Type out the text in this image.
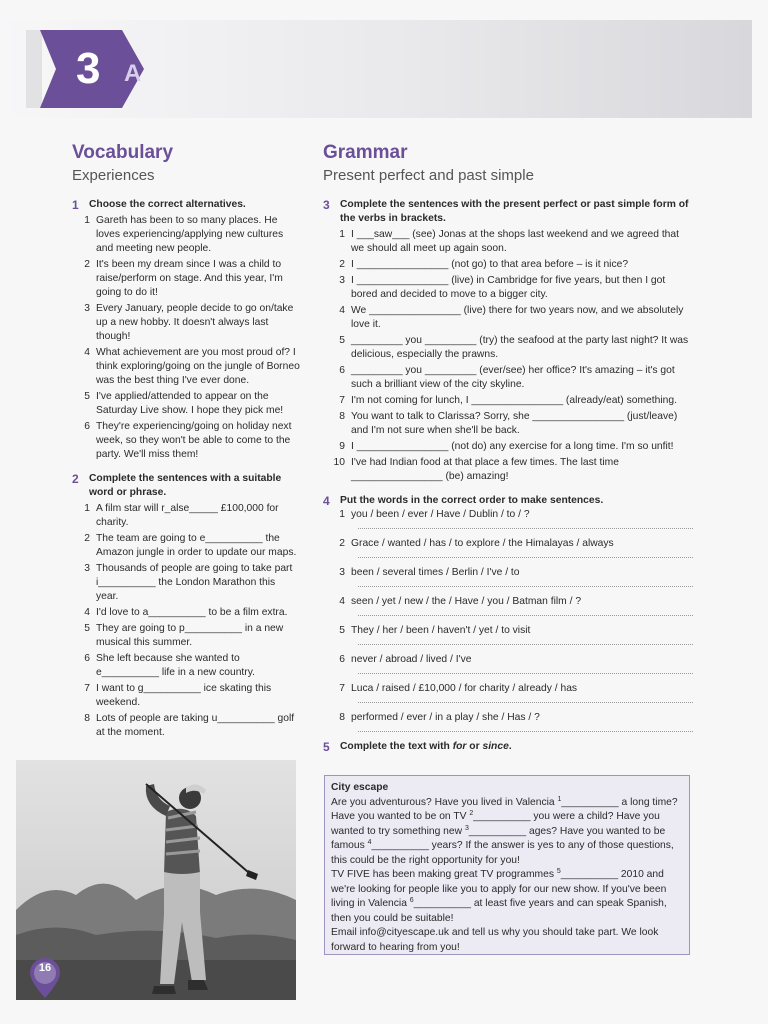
3 A
Vocabulary
Experiences
1	Choose the correct alternatives.
1 Gareth has been to so many places. He loves experiencing/applying new cultures and meeting new people.
2 It's been my dream since I was a child to raise/perform on stage. And this year, I'm going to do it!
3 Every January, people decide to go on/take up a new hobby. It doesn't always last though!
4 What achievement are you most proud of? I think exploring/going on the jungle of Borneo was the best thing I've ever done.
5 I've applied/attended to appear on the Saturday Live show. I hope they pick me!
6 They're experiencing/going on holiday next week, so they won't be able to come to the party. We'll miss them!
2	Complete the sentences with a suitable word or phrase.
1 A film star will r_alse_____ £100,000 for charity.
2 The team are going to e__________ the Amazon jungle in order to update our maps.
3 Thousands of people are going to take part i__________ the London Marathon this year.
4 I'd love to a__________ to be a film extra.
5 They are going to p__________ in a new musical this summer.
6 She left because she wanted to e__________ life in a new country.
7 I want to g__________ ice skating this weekend.
8 Lots of people are taking u__________ golf at the moment.
16
Grammar
Present perfect and past simple
3	Complete the sentences with the present perfect or past simple form of the verbs in brackets.
1 I ___saw___ (see) Jonas at the shops last weekend and we agreed that we should all meet up again soon.
2 I ________________ (not go) to that area before – is it nice?
3 I ________________ (live) in Cambridge for five years, but then I got bored and decided to move to a bigger city.
4 We ________________ (live) there for two years now, and we absolutely love it.
5 _________ you _________ (try) the seafood at the party last night? It was delicious, especially the prawns.
6 _________ you _________ (ever/see) her office? It's amazing – it's got such a brilliant view of the city skyline.
7 I'm not coming for lunch, I ________________ (already/eat) something.
8 You want to talk to Clarissa? Sorry, she ________________ (just/leave) and I'm not sure when she'll be back.
9 I ________________ (not do) any exercise for a long time. I'm so unfit!
10 I've had Indian food at that place a few times. The last time ________________ (be) amazing!
4	Put the words in the correct order to make sentences.
1 you / been / ever / Have / Dublin / to / ?
2 Grace / wanted / has / to explore / the Himalayas / always
3 been / several times / Berlin / I've / to
4 seen / yet / new / the / Have / you / Batman film / ?
5 They / her / been / haven't / yet / to visit
6 never / abroad / lived / I've
7 Luca / raised / £10,000 / for charity / already / has
8 performed / ever / in a play / she / Has / ?
5	Complete the text with for or since.
City escape

Are you adventurous? Have you lived in Valencia $^1$__________ a long time? Have you wanted to be on TV $^2$__________ you were a child? Have you wanted to try something new $^3$__________ ages? Have you wanted to be famous $^4$__________ years? If the answer is yes to any of those questions, this could be the right opportunity for you!

TV FIVE has been making great TV programmes $^5$__________ 2010 and we're looking for people like you to apply for our new show. If you've been living in Valencia $^6$__________ at least five years and can speak Spanish, then you could be suitable!

Email info@cityescape.uk and tell us why you should take part. We look forward to hearing from you!
